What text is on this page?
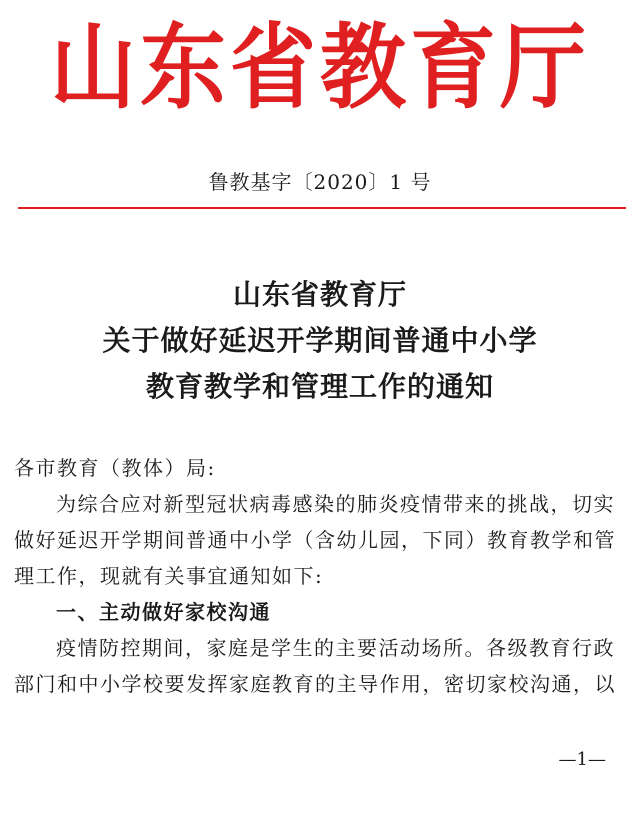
山东省教育厅
鲁教基字〔2020〕1 号
山东省教育厅
关于做好延迟开学期间普通中小学
教育教学和管理工作的通知

各市教育（教体）局:

为综合应对新型冠状病毒感染的肺炎疫情带来的挑战，切实做好延迟开学期间普通中小学（含幼儿园，下同）教育教学和管理工作，现就有关事宜通知如下:

一、主动做好家校沟通

疫情防控期间，家庭是学生的主要活动场所。各级教育行政部门和中小学校要发挥家庭教育的主导作用，密切家校沟通，以

—1—
